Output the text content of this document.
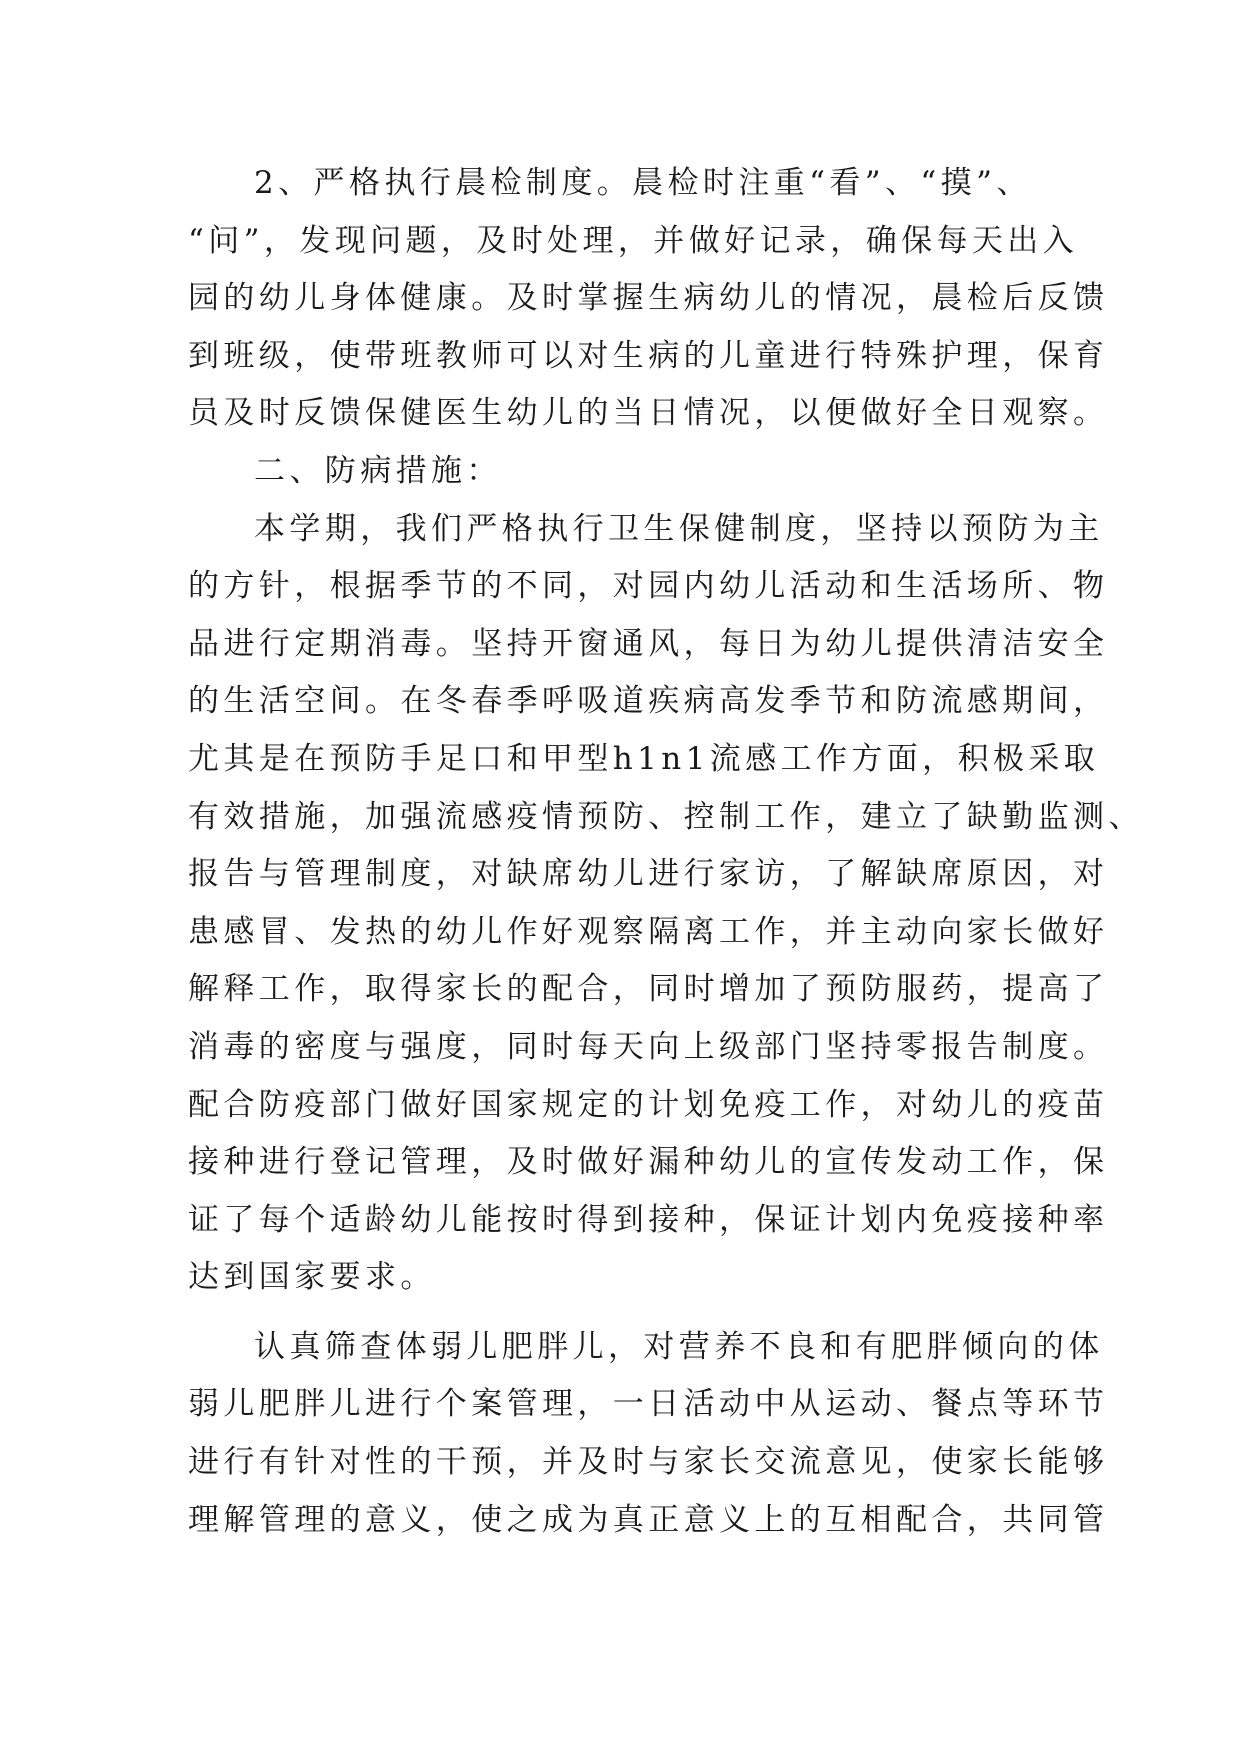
2、严格执行晨检制度。晨检时注重“看”、“摸”、
“问”，发现问题，及时处理，并做好记录，确保每天出入
园的幼儿身体健康。及时掌握生病幼儿的情况，晨检后反馈
到班级，使带班教师可以对生病的儿童进行特殊护理，保育
员及时反馈保健医生幼儿的当日情况，以便做好全日观察。
二、防病措施：
本学期，我们严格执行卫生保健制度，坚持以预防为主
的方针，根据季节的不同，对园内幼儿活动和生活场所、物
品进行定期消毒。坚持开窗通风，每日为幼儿提供清洁安全
的生活空间。在冬春季呼吸道疾病高发季节和防流感期间，
尤其是在预防手足口和甲型h1n1流感工作方面，积极采取
有效措施，加强流感疫情预防、控制工作，建立了缺勤监测、
报告与管理制度，对缺席幼儿进行家访，了解缺席原因，对
患感冒、发热的幼儿作好观察隔离工作，并主动向家长做好
解释工作，取得家长的配合，同时增加了预防服药，提高了
消毒的密度与强度，同时每天向上级部门坚持零报告制度。
配合防疫部门做好国家规定的计划免疫工作，对幼儿的疫苗
接种进行登记管理，及时做好漏种幼儿的宣传发动工作，保
证了每个适龄幼儿能按时得到接种，保证计划内免疫接种率
达到国家要求。
认真筛查体弱儿肥胖儿，对营养不良和有肥胖倾向的体
弱儿肥胖儿进行个案管理，一日活动中从运动、餐点等环节
进行有针对性的干预，并及时与家长交流意见，使家长能够
理解管理的意义，使之成为真正意义上的互相配合，共同管
